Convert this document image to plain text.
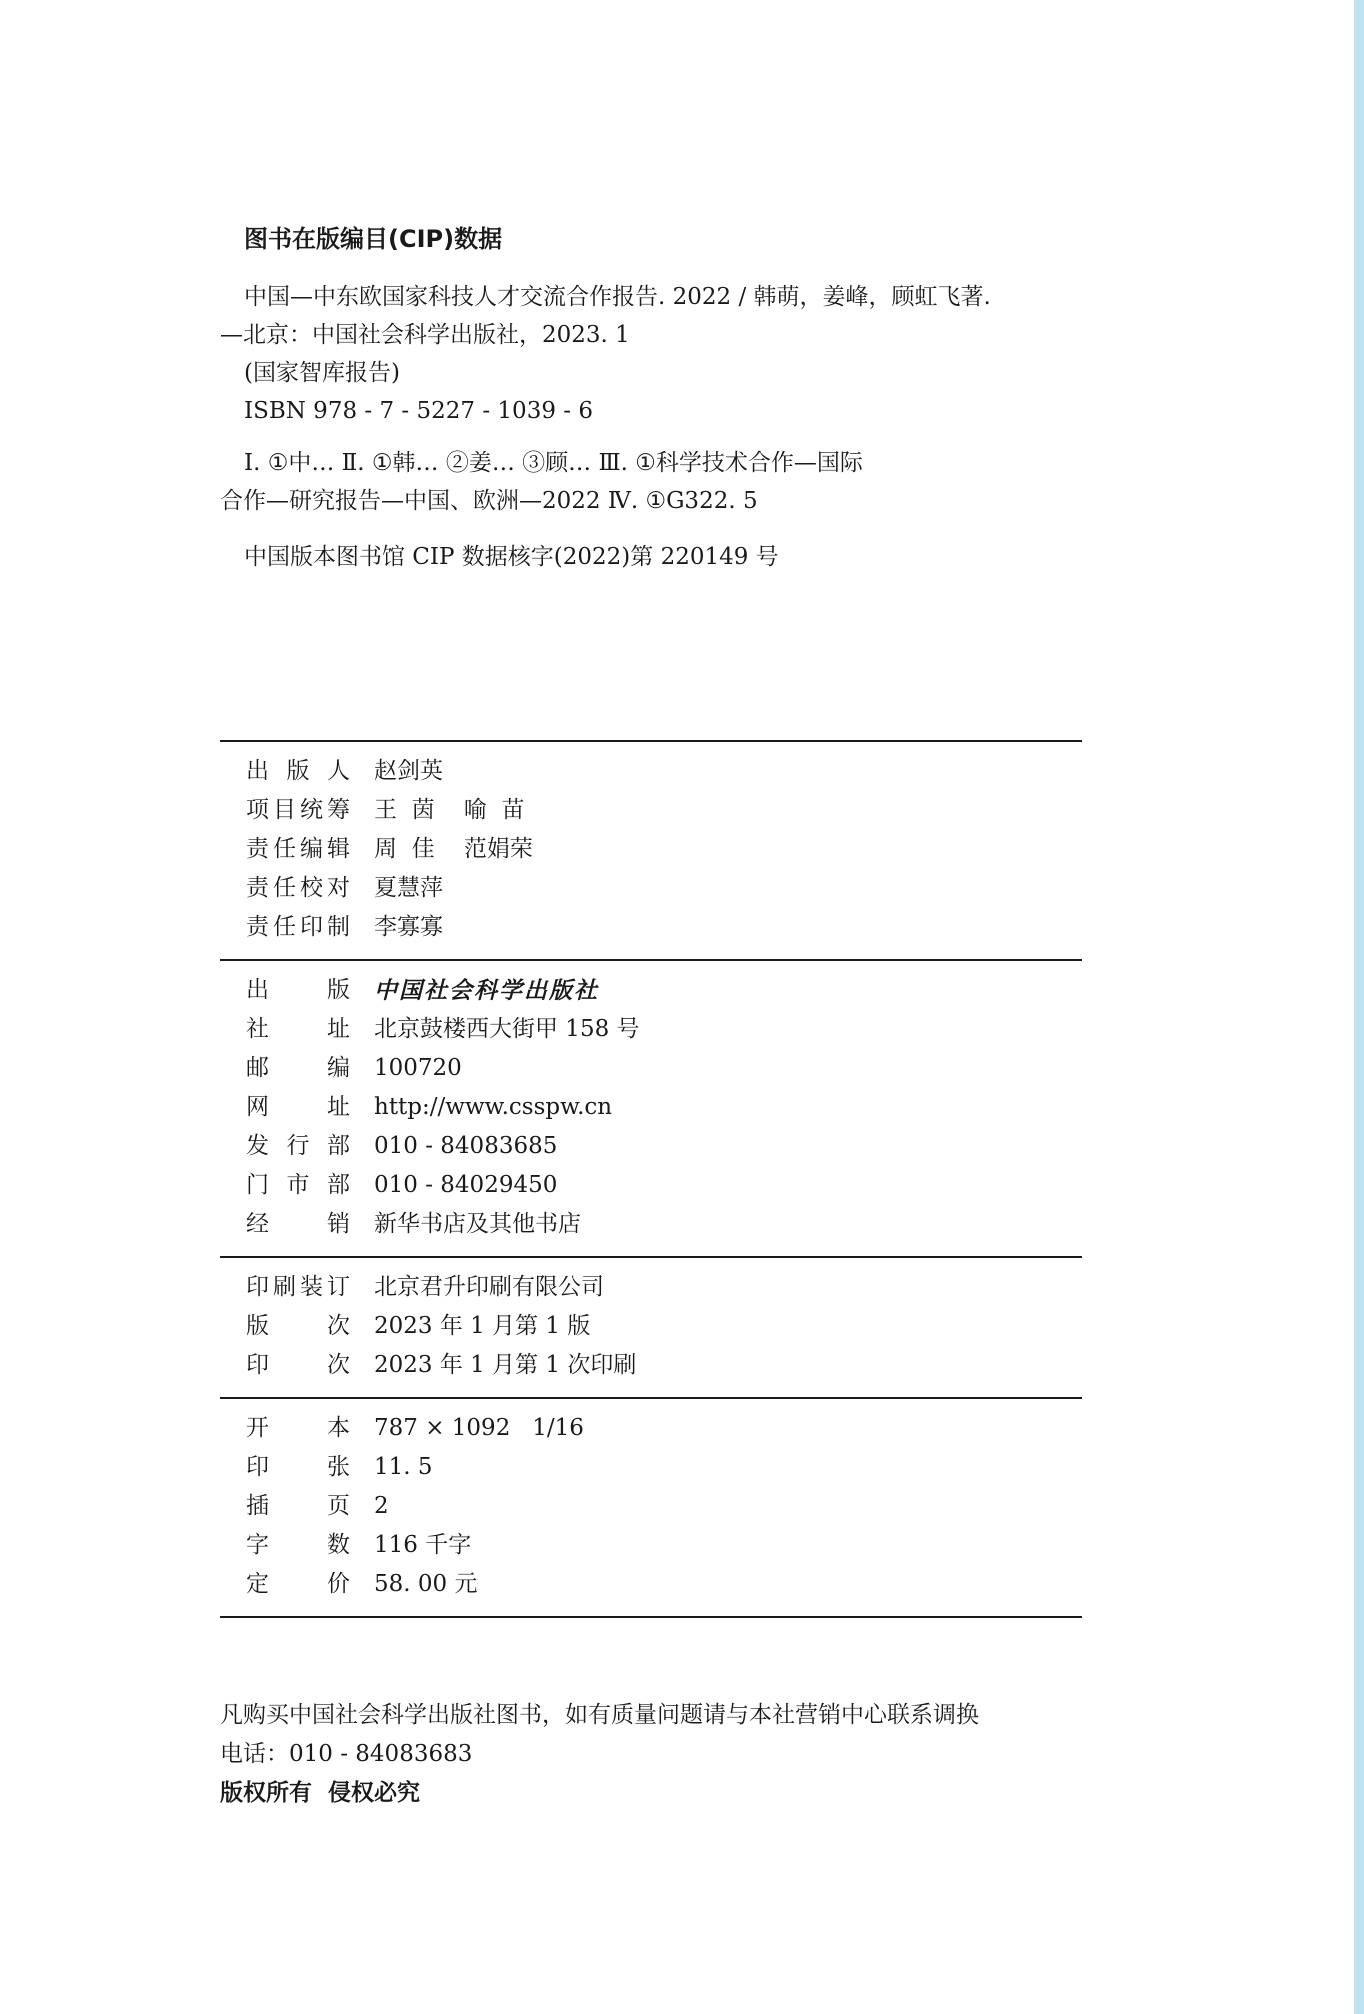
图书在版编目(CIP)数据
中国—中东欧国家科技人才交流合作报告. 2022 / 韩萌，姜峰，顾虹飞著.
—北京：中国社会科学出版社，2023. 1
(国家智库报告)
ISBN 978 - 7 - 5227 - 1039 - 6
Ⅰ. ①中… Ⅱ. ①韩… ②姜… ③顾… Ⅲ. ①科学技术合作—国际
合作—研究报告—中国、欧洲—2022 Ⅳ. ①G322. 5
中国版本图书馆 CIP 数据核字(2022)第 220149 号
出版人 赵剑英
项目统筹 王  茵    喻  苗
责任编辑 周  佳    范娟荣
责任校对 夏慧萍
责任印制 李寡寡
出版 中国社会科学出版社
社址 北京鼓楼西大街甲 158 号
邮编 100720
网址 http://www.csspw.cn
发行部 010 - 84083685
门市部 010 - 84029450
经销 新华书店及其他书店
印刷装订 北京君升印刷有限公司
版次 2023 年 1 月第 1 版
印次 2023 年 1 月第 1 次印刷
开本 787 × 1092   1/16
印张 11. 5
插页 2
字数 116 千字
定价 58. 00 元
凡购买中国社会科学出版社图书，如有质量问题请与本社营销中心联系调换
电话：010 - 84083683
版权所有  侵权必究
